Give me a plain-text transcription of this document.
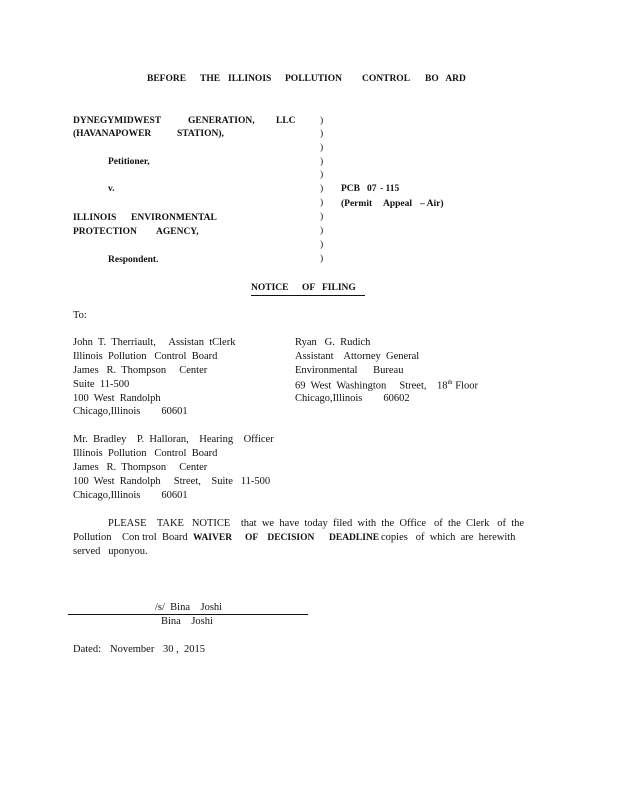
BEFORE THE ILLINOIS POLLUTION CONTROL BO   ARD
DYNEGYMIDWEST	GENERATION, LLC
(HAVANAPOWER	STATION),
Petitioner,
v.
ILLINOIS ENVIRONMENTAL
PROTECTION AGENCY,
Respondent.
)
)
)
)
)
)
)
)
)
)
)
PCB 07 - 115
(Permit Appeal – Air)
NOTICE OF FILING
To:
John  T.  Therriault,     Assistan  tClerk
Illinois  Pollution   Control  Board
James   R.  Thompson     Center
Suite  11-500
100  West  Randolph
Chicago,Illinois        60601
Ryan   G.  Rudich
Assistant    Attorney  General
Environmental      Bureau
69  West  Washington     Street,    18th Floor
Chicago,Illinois        60602
Mr.  Bradley    P.  Halloran,    Hearing    Officer
Illinois  Pollution   Control  Board
James   R.  Thompson     Center
100  West  Randolph     Street,    Suite   11-500
Chicago,Illinois        60601
PLEASE    TAKE   NOTICE    that  we  have  today  filed  with  the  Office   of  the  Clerk   of  the
Pollution    Con trol  Board WAIVER OF    DECISION DEADLINE copies   of  which  are  herewith
served   uponyou.
/s/  Bina    Joshi
Bina    Joshi
Dated: November 30 ,  2015
